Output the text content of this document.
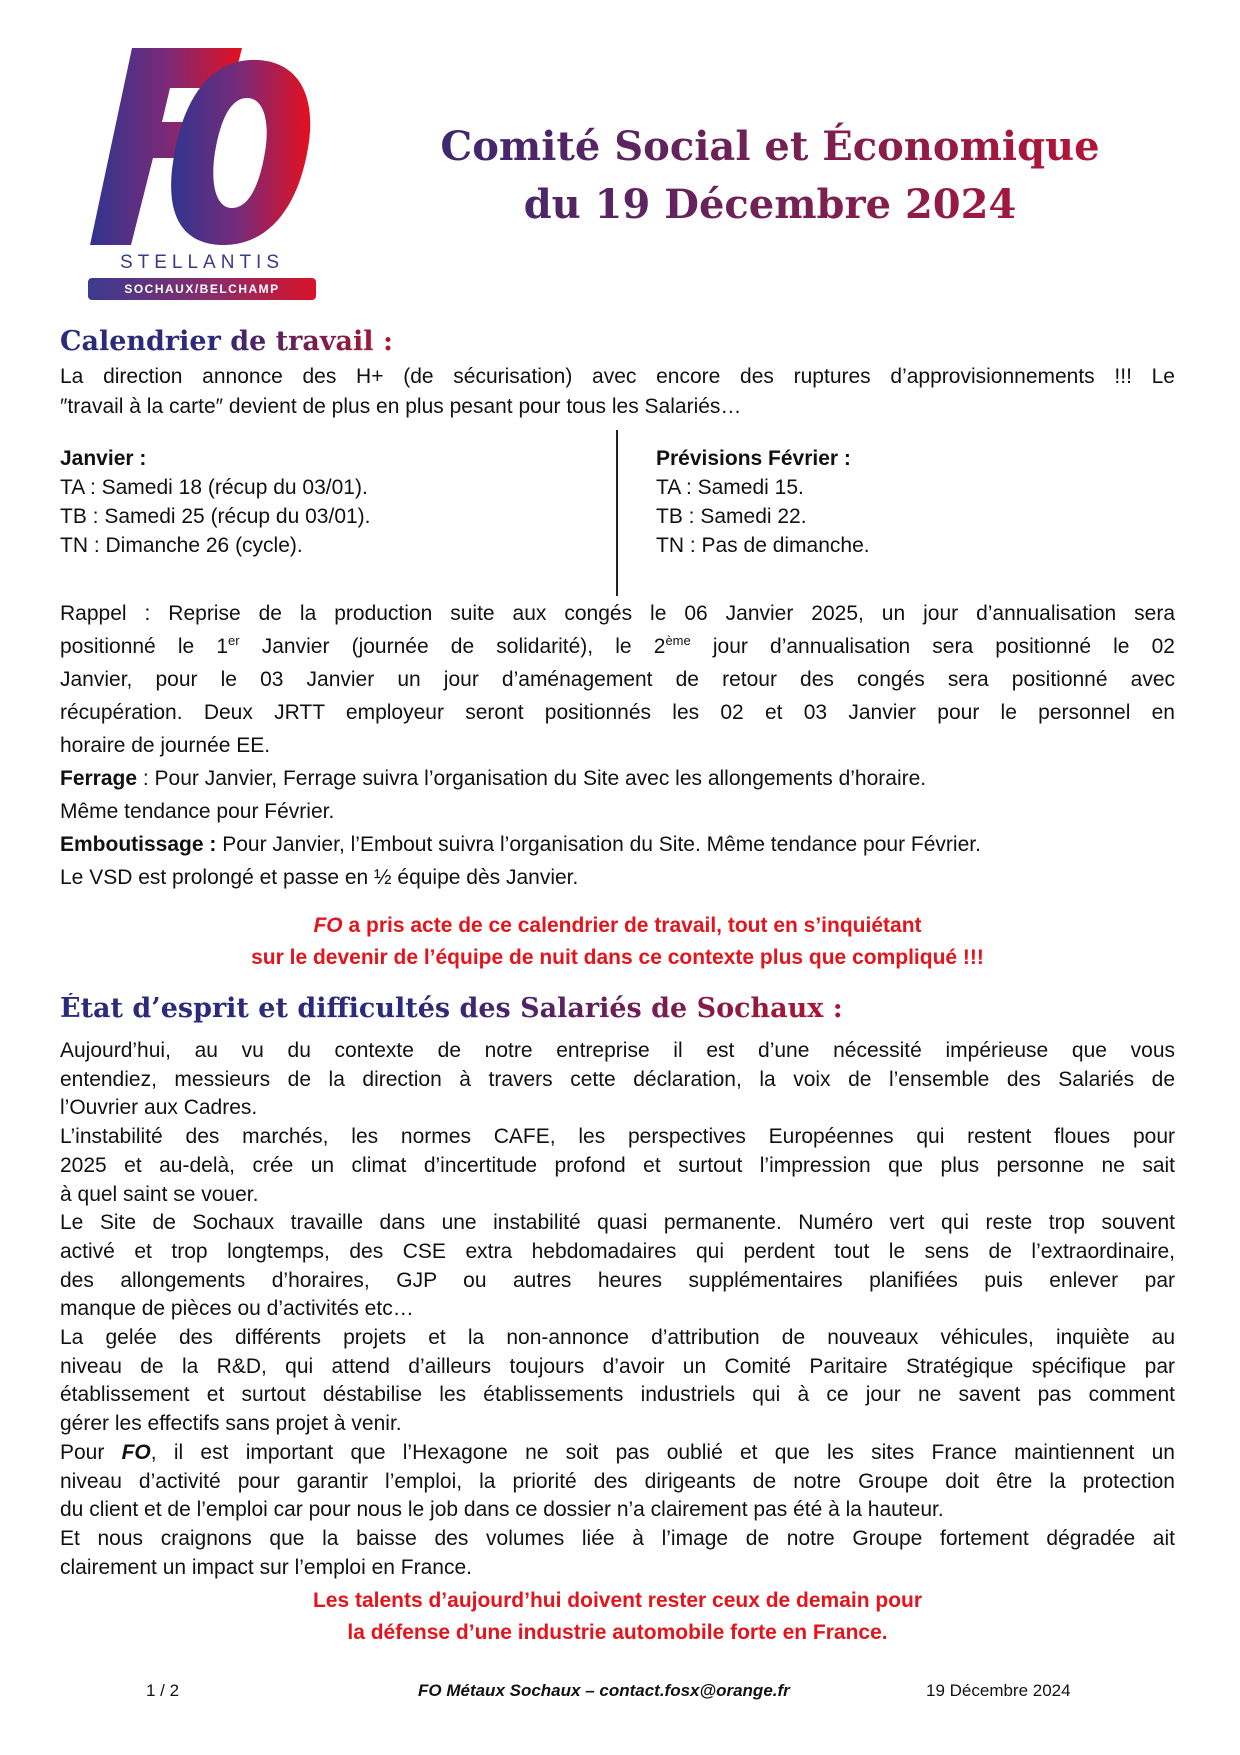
STELLANTIS
SOCHAUX/BELCHAMP
Comité Social et Économique
du 19 Décembre 2024
Calendrier de travail :
La direction annonce des H+ (de sécurisation) avec encore des ruptures d’approvisionnements !!! Le
″travail à la carte″ devient de plus en plus pesant pour tous les Salariés…
Janvier :
TA : Samedi 18 (récup du 03/01).
TB : Samedi 25 (récup du 03/01).
TN : Dimanche 26 (cycle).
Prévisions Février :
TA : Samedi 15.
TB : Samedi 22.
TN : Pas de dimanche.
Rappel : Reprise de la production suite aux congés le 06 Janvier 2025, un jour d’annualisation sera
positionné le 1er Janvier (journée de solidarité), le 2ème jour d’annualisation sera positionné le 02
Janvier, pour le 03 Janvier un jour d’aménagement de retour des congés sera positionné avec
récupération. Deux JRTT employeur seront positionnés les 02 et 03 Janvier pour le personnel en
horaire de journée EE.
Ferrage : Pour Janvier, Ferrage suivra l’organisation du Site avec les allongements d’horaire.
Même tendance pour Février.
Emboutissage : Pour Janvier, l’Embout suivra l’organisation du Site. Même tendance pour Février.
Le VSD est prolongé et passe en ½ équipe dès Janvier.
FO a pris acte de ce calendrier de travail, tout en s’inquiétant
sur le devenir de l’équipe de nuit dans ce contexte plus que compliqué !!!
État d’esprit et difficultés des Salariés de Sochaux :
Aujourd’hui, au vu du contexte de notre entreprise il est d’une nécessité impérieuse que vous
entendiez, messieurs de la direction à travers cette déclaration, la voix de l’ensemble des Salariés de
l’Ouvrier aux Cadres.
L’instabilité des marchés, les normes CAFE, les perspectives Européennes qui restent floues pour
2025 et au-delà, crée un climat d’incertitude profond et surtout l’impression que plus personne ne sait
à quel saint se vouer.
Le Site de Sochaux travaille dans une instabilité quasi permanente. Numéro vert qui reste trop souvent
activé et trop longtemps, des CSE extra hebdomadaires qui perdent tout le sens de l’extraordinaire,
des allongements d’horaires, GJP ou autres heures supplémentaires planifiées puis enlever par
manque de pièces ou d’activités etc…
La gelée des différents projets et la non-annonce d’attribution de nouveaux véhicules, inquiète au
niveau de la R&D, qui attend d’ailleurs toujours d’avoir un Comité Paritaire Stratégique spécifique par
établissement et surtout déstabilise les établissements industriels qui à ce jour ne savent pas comment
gérer les effectifs sans projet à venir.
Pour FO, il est important que l’Hexagone ne soit pas oublié et que les sites France maintiennent un
niveau d’activité pour garantir l’emploi, la priorité des dirigeants de notre Groupe doit être la protection
du client et de l’emploi car pour nous le job dans ce dossier n’a clairement pas été à la hauteur.
Et nous craignons que la baisse des volumes liée à l’image de notre Groupe fortement dégradée ait
clairement un impact sur l’emploi en France.
Les talents d’aujourd’hui doivent rester ceux de demain pour
la défense d’une industrie automobile forte en France.
1 / 2	FO Métaux Sochaux – contact.fosx@orange.fr	19 Décembre 2024
